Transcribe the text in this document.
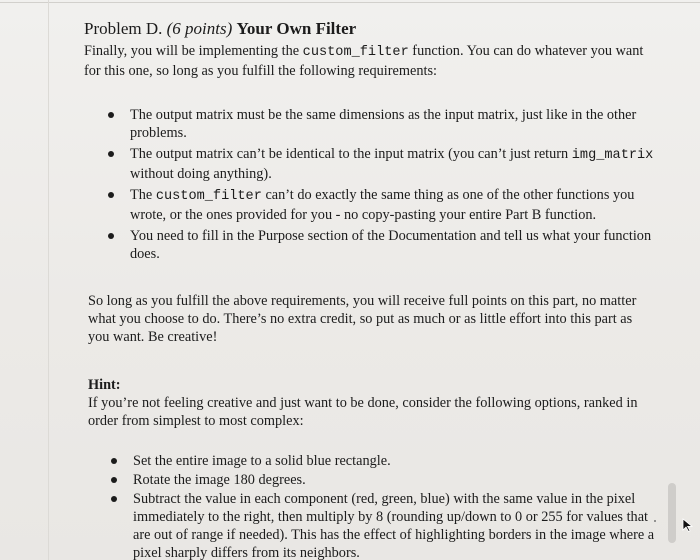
Problem D. (6 points) Your Own Filter

Finally, you will be implementing the custom_filter function. You can do whatever you want for this one, so long as you fulfill the following requirements:

The output matrix must be the same dimensions as the input matrix, just like in the other problems.
The output matrix can’t be identical to the input matrix (you can’t just return img_matrix without doing anything).
The custom_filter can’t do exactly the same thing as one of the other functions you wrote, or the ones provided for you - no copy-pasting your entire Part B function.
You need to fill in the Purpose section of the Documentation and tell us what your function does.

So long as you fulfill the above requirements, you will receive full points on this part, no matter what you choose to do. There’s no extra credit, so put as much or as little effort into this part as you want. Be creative!

Hint:

If you’re not feeling creative and just want to be done, consider the following options, ranked in order from simplest to most complex:

Set the entire image to a solid blue rectangle.
Rotate the image 180 degrees.
Subtract the value in each component (red, green, blue) with the same value in the pixel immediately to the right, then multiply by 8 (rounding up/down to 0 or 255 for values that are out of range if needed). This has the effect of highlighting borders in the image where a pixel sharply differs from its neighbors.
